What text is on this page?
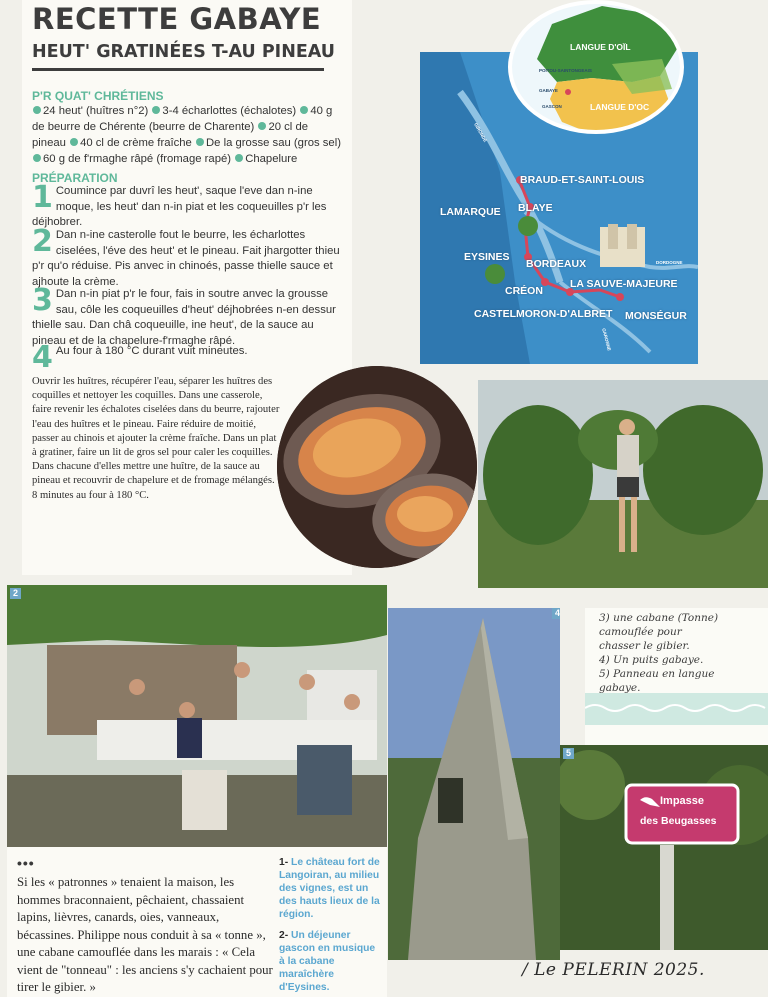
RECETTE GABAYE
HEUT' GRATINÉES T-AU PINEAU
P'R QUAT' CHRÉTIENS
24 heut' (huîtres n°2) 3-4 écharlottes (échalotes) 40 g de beurre de Chérente (beurre de Charente) 20 cl de pineau 40 cl de crème fraîche De la grosse sau (gros sel) 60 g de f'rmaghe râpé (fromage rapé) Chapelure
PRÉPARATION
1 Coumince par duvrî les heut', saque l'eve dan n-ine moque, les heut' dan n-in piat et les coqueuilles p'r les déjhobrer.
2 Dan n-ine casterolle fout le beurre, les écharlottes ciselées, l'éve des heut' et le pineau. Fait jhargotter thieu p'r qu'o réduise. Pis anvec in chinoés, passe thielle sauce et ajhoute la crème.
3 Dan n-in piat p'r le four, fais in soutre anvec la grousse sau, côle les coqueuilles d'heut' déjhobrées n-en dessur thielle sau. Dan châ coqueuille, ine heut', de la sauce au pineau et de la chapelure-f'rmaghe râpé.
4 Au four à 180 °C durant vuit mineutes.
Ouvrir les huîtres, récupérer l'eau, séparer les huîtres des coquilles et nettoyer les coquilles. Dans une casserole, faire revenir les échalotes ciselées dans du beurre, rajouter l'eau des huîtres et le pineau. Faire réduire de moitié, passer au chinois et ajouter la crème fraîche. Dans un plat à gratiner, faire un lit de gros sel pour caler les coquilles. Dans chacune d'elles mettre une huître, de la sauce au pineau et recouvrir de chapelure et de fromage mélangés. 8 minutes au four à 180 °C.
BRAUD-ET-SAINT-LOUIS
LAMARQUE BLAYE
EYSINES
BORDEAUX
CRÉON
LA SAUVE-MAJEURE
CASTELMORON-D'ALBRET MONSÉGUR
GIRONDE
DORDOGNE
GARONNE
LANGUE D'OÏL
LANGUE D'OC
POITOU-SAINTONGEAIS
GABAYE
GASCON
2
4	3) une cabane (Tonne)
camouflée pour
chasser le gibier.
4) Un puits gabaye.
5) Panneau en langue
gabaye.
5
Impasse
des Beugasses
•••
Si les « patronnes » tenaient la maison, les hommes braconnaient, pêchaient, chassaient lapins, lièvres, canards, oies, vanneaux, bécassines. Philippe nous conduit à sa « tonne », une cabane camouflée dans les marais : « Cela vient de "tonneau" : les anciens s'y cachaient pour tirer le gibier. »
1- Le château fort de Langoiran, au milieu des vignes, est un des hauts lieux de la région.
2- Un déjeuner gascon en musique à la cabane maraîchère d'Eysines.
/ Le PELERIN 2025.
